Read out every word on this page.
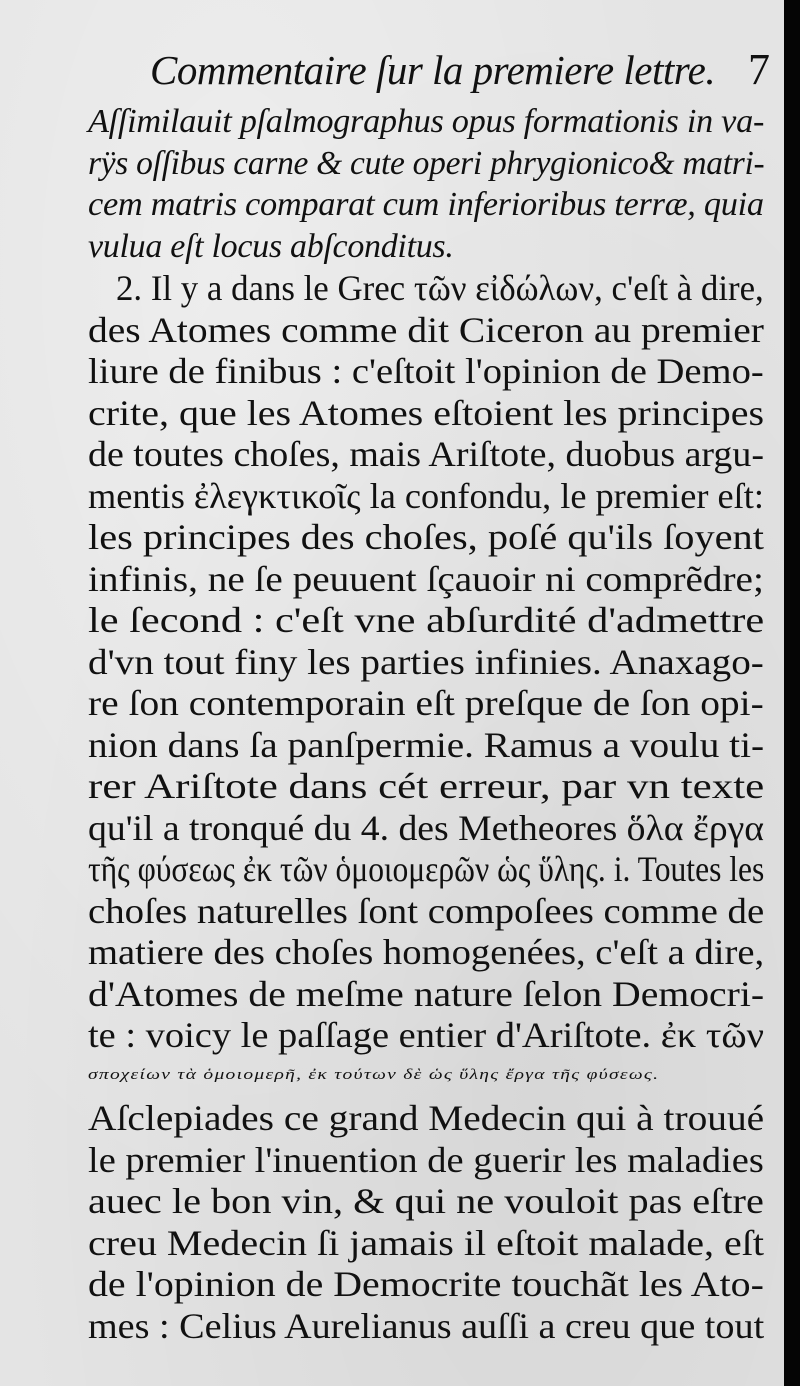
Commentaire ſur la premiere lettre. 7
Aſſimilauit pſalmographus opus formationis in va-
rÿs oſſibus carne & cute operi phrygionico& matri-
cem matris comparat cum inferioribus terræ, quia
vulua eſt locus abſconditus.
2. Il y a dans le Grec τῶν εἰδώλων, c'eſt à dire,
des Atomes comme dit Ciceron au premier
liure de finibus : c'eſtoit l'opinion de Demo-
crite, que les Atomes eſtoient les principes
de toutes choſes, mais Ariſtote, duobus argu-
mentis ἐλεγκτικοῖς la confondu, le premier eſt:
les principes des choſes, poſé qu'ils ſoyent
infinis, ne ſe peuuent ſçauoir ni comprẽdre;
le ſecond : c'eſt vne abſurdité d'admettre
d'vn tout finy les parties infinies. Anaxago-
re ſon contemporain eſt preſque de ſon opi-
nion dans ſa panſpermie. Ramus a voulu ti-
rer Ariſtote dans cét erreur, par vn texte
qu'il a tronqué du 4. des Metheores ὅλα ἔργα
τῆς φύσεως ἐκ τῶν ὁμοιομερῶν ὡς ὕλης. i. Toutes les
choſes naturelles ſont compoſees comme de
matiere des choſes homogenées, c'eſt a dire,
d'Atomes de meſme nature ſelon Democri-
te : voicy le paſſage entier d'Ariſtote. ἐκ τῶν
σποχείων τὰ ὁμοιομερῆ, ἐκ τούτων δὲ ὡς ὕλης ἔργα τῆς φύσεως.
Aſclepiades ce grand Medecin qui à trouué
le premier l'inuention de guerir les maladies
auec le bon vin, & qui ne vouloit pas eſtre
creu Medecin ſi jamais il eſtoit malade, eſt
de l'opinion de Democrite touchãt les Ato-
mes : Celius Aurelianus auſſi a creu que tout
